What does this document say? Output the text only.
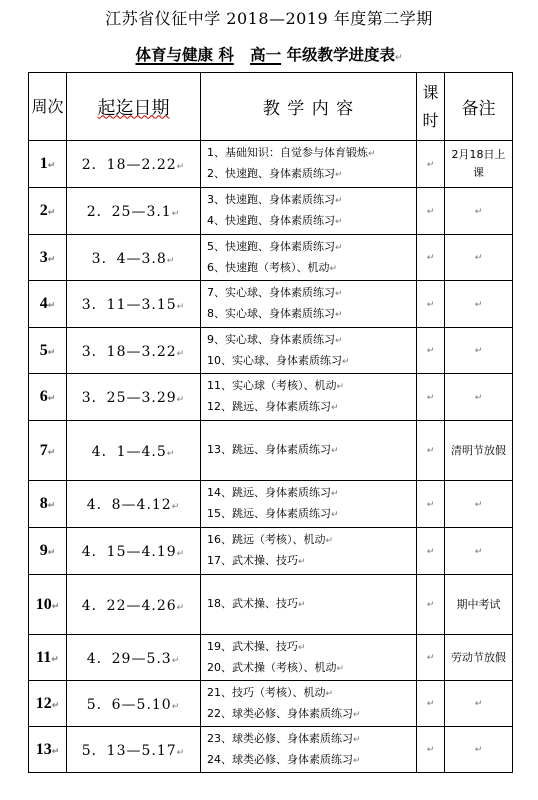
江苏省仪征中学 2018—2019 年度第二学期
体育与健康 科 高一 年级教学进度表↵
周次	起迄日期	教 学 内 容	课时	备注
1↵	2．18—2.22↵	1、基础知识：自觉参与体育锻炼↵
2、快速跑、身体素质练习↵	↵	2月18日上课
2↵	2．25—3.1↵	3、快速跑、身体素质练习↵
4、快速跑、身体素质练习↵	↵	↵
3↵	3．4—3.8↵	5、快速跑、身体素质练习↵
6、快速跑（考核）、机动↵	↵	↵
4↵	3．11—3.15↵	7、实心球、身体素质练习↵
8、实心球、身体素质练习↵	↵	↵
5↵	3．18—3.22↵	9、实心球、身体素质练习↵
10、实心球、身体素质练习↵	↵	↵
6↵	3．25—3.29↵	11、实心球（考核）、机动↵
12、跳远、身体素质练习↵	↵	↵
7↵	4．1—4.5↵	13、跳远、身体素质练习↵	↵	清明节放假
8↵	4．8—4.12↵	14、跳远、身体素质练习↵
15、跳远、身体素质练习↵	↵	↵
9↵	4．15—4.19↵	16、跳远（考核）、机动↵
17、武术操、技巧↵	↵	↵
10↵	4．22—4.26↵	18、武术操、技巧↵	↵	期中考试
11↵	4．29—5.3↵	19、武术操、技巧↵
20、武术操（考核）、机动↵	↵	劳动节放假
12↵	5．6—5.10↵	21、技巧（考核）、机动↵
22、球类必修、身体素质练习↵	↵	↵
13↵	5．13—5.17↵	23、球类必修、身体素质练习↵
24、球类必修、身体素质练习↵	↵	↵
